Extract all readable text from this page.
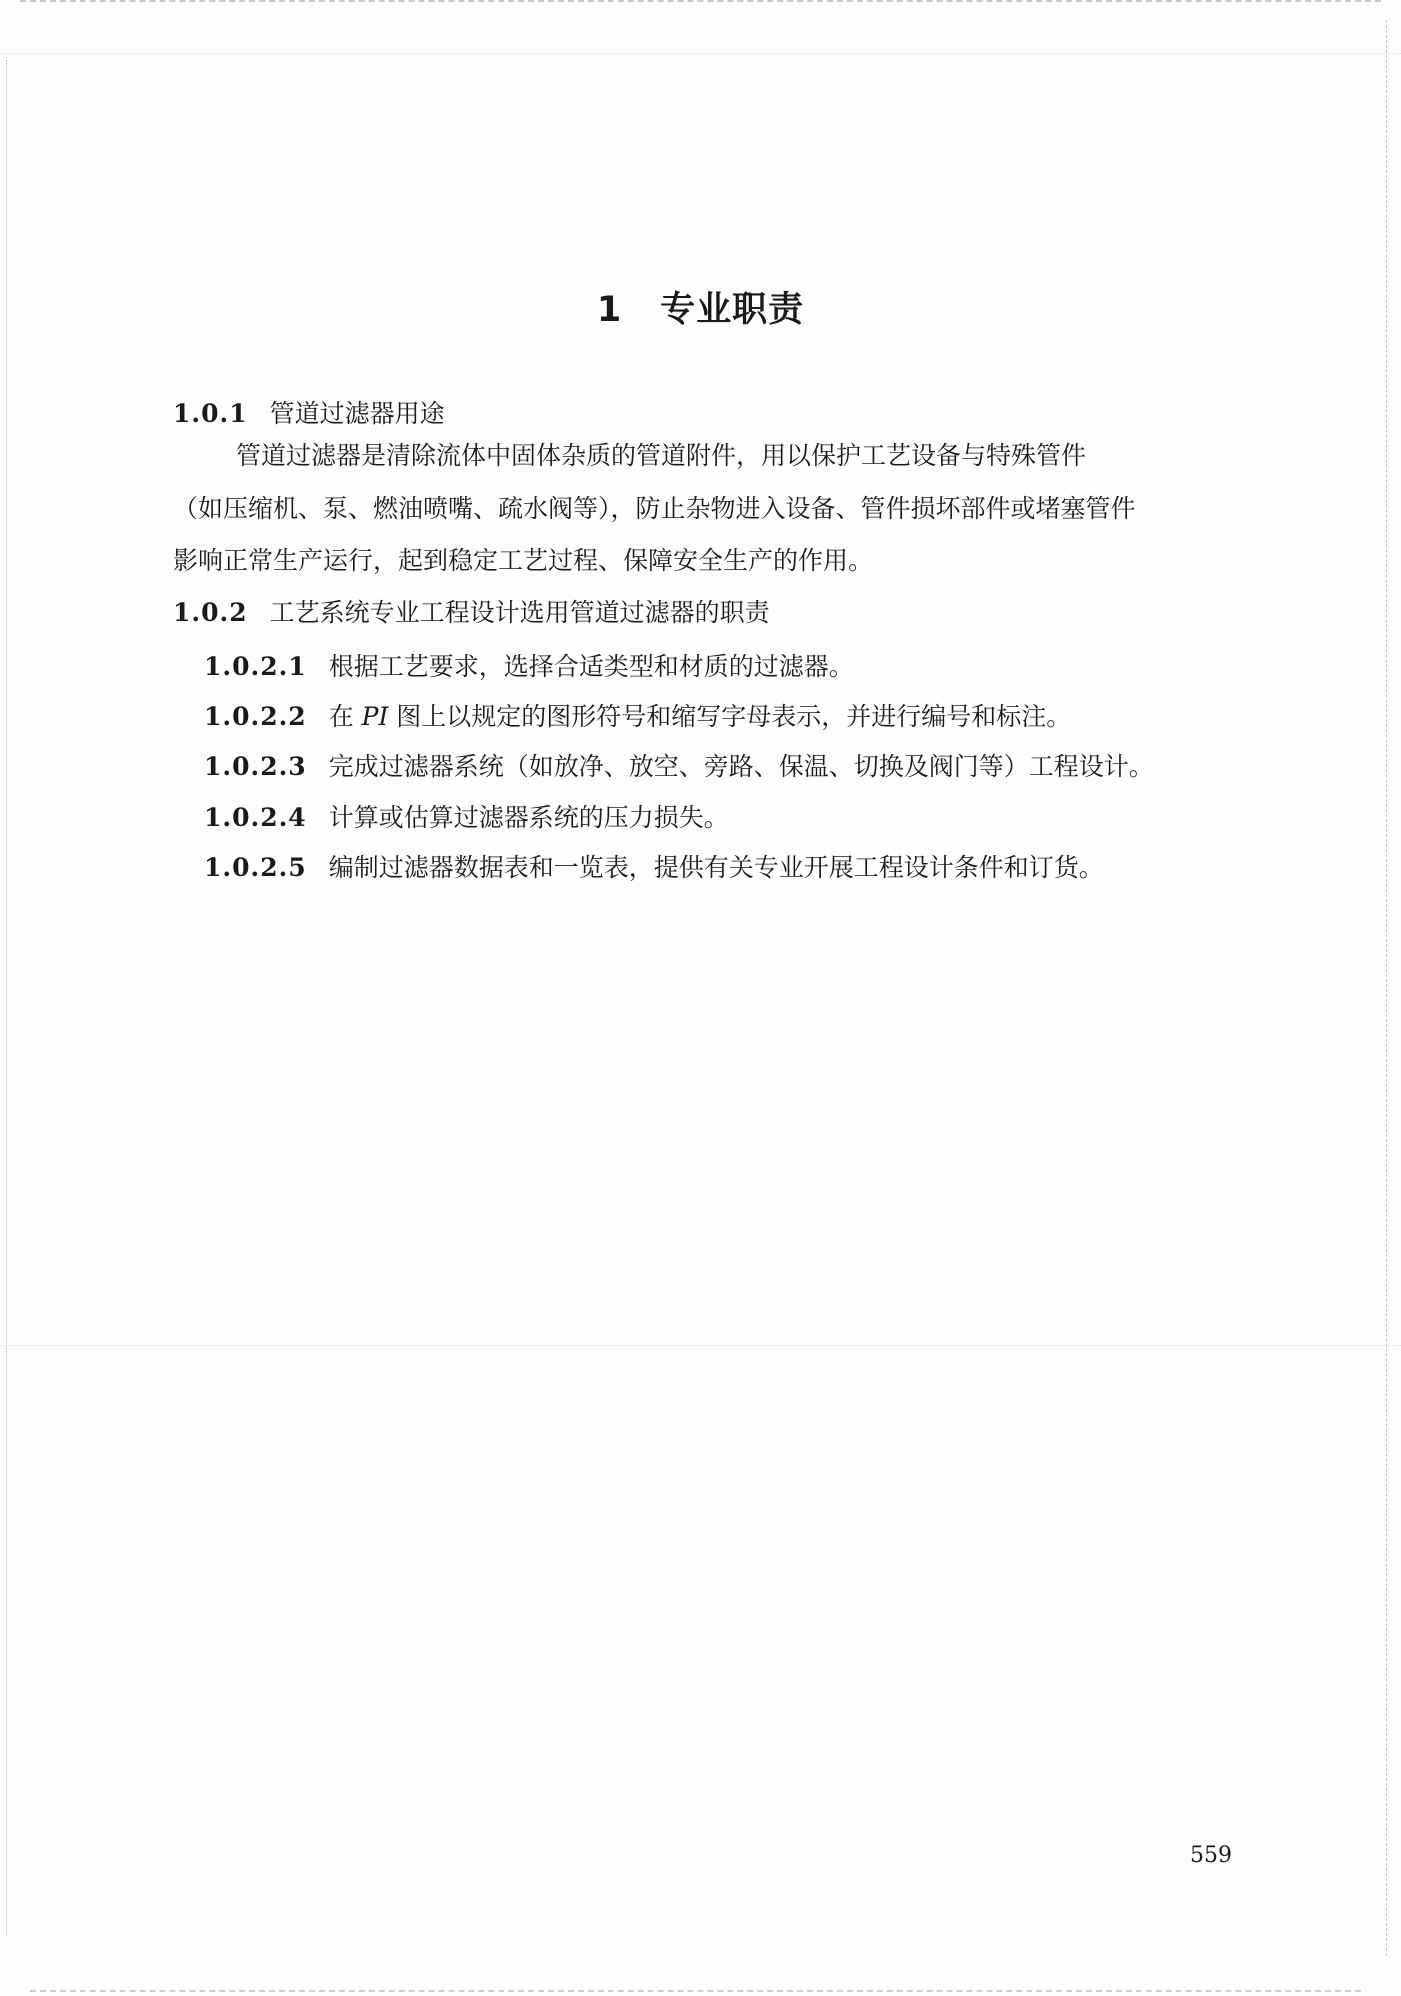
1 专业职责
1.0.1 管道过滤器用途
管道过滤器是清除流体中固体杂质的管道附件，用以保护工艺设备与特殊管件
（如压缩机、泵、燃油喷嘴、疏水阀等），防止杂物进入设备、管件损坏部件或堵塞管件
影响正常生产运行，起到稳定工艺过程、保障安全生产的作用。
1.0.2 工艺系统专业工程设计选用管道过滤器的职责
1.0.2.1 根据工艺要求，选择合适类型和材质的过滤器。
1.0.2.2 在 PI 图上以规定的图形符号和缩写字母表示，并进行编号和标注。
1.0.2.3 完成过滤器系统（如放净、放空、旁路、保温、切换及阀门等）工程设计。
1.0.2.4 计算或估算过滤器系统的压力损失。
1.0.2.5 编制过滤器数据表和一览表，提供有关专业开展工程设计条件和订货。
559
